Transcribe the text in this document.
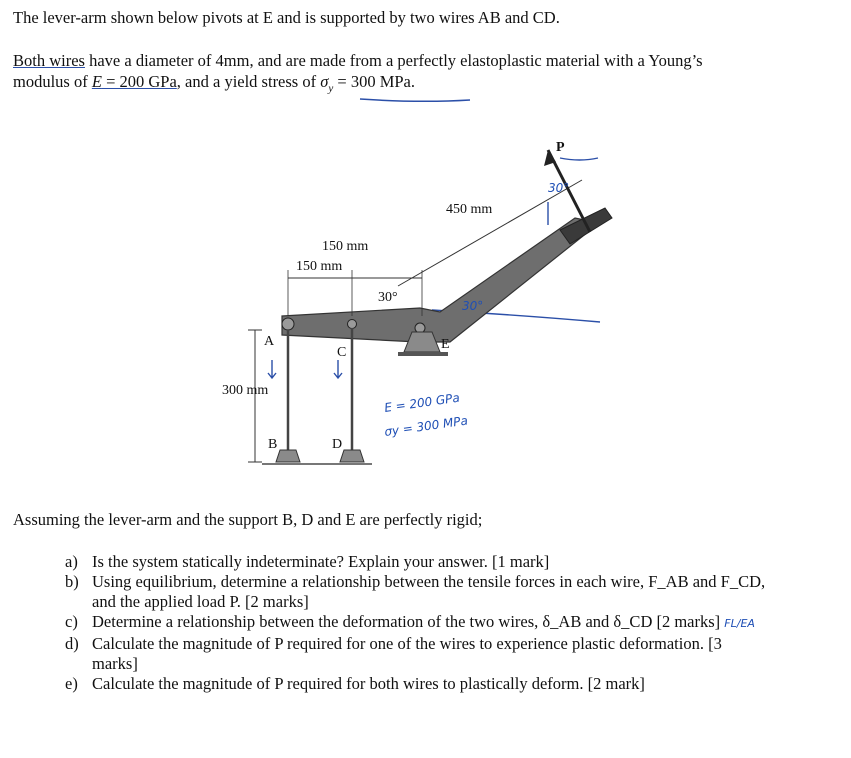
The lever-arm shown below pivots at E and is supported by two wires AB and CD.
Both wires have a diameter of 4mm, and are made from a perfectly elastoplastic material with a Young’s
modulus of E = 200 GPa, and a yield stress of $\sigma_y = 300$ MPa.
P
450 mm
150 mm
150 mm
30°
30°
A
C
E
B	D
300 mm
E = 200 GPa
σy = 300 MPa
30°
Assuming the lever-arm and the support B, D and E are perfectly rigid;
a) Is the system statically indeterminate? Explain your answer. [1 mark]
b) Using equilibrium, determine a relationship between the tensile forces in each wire, F_AB and F_CD,
and the applied load P. [2 marks]
c) Determine a relationship between the deformation of the two wires, δ_AB and δ_CD [2 marks] FL/EA
d) Calculate the magnitude of P required for one of the wires to experience plastic deformation. [3
marks]
e) Calculate the magnitude of P required for both wires to plastically deform. [2 mark]
